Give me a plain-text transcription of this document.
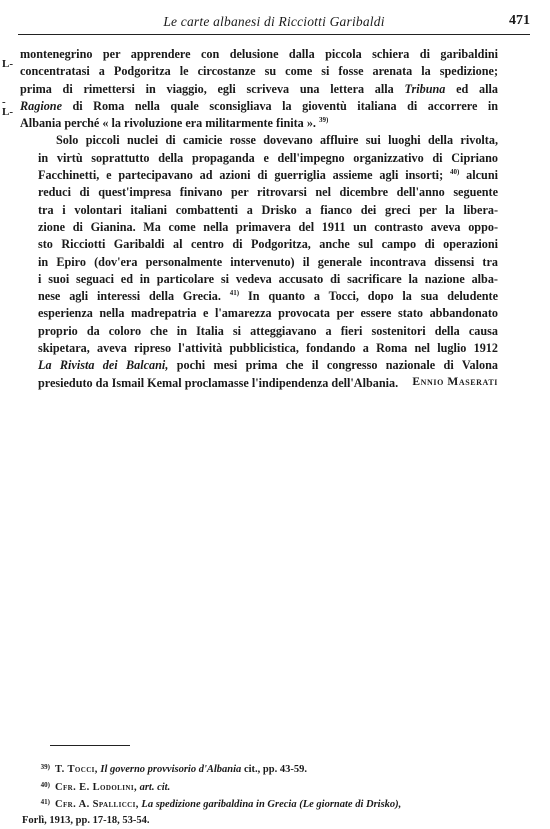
Le carte albanesi di Ricciotti Garibaldi	471
L-
-
L-

montenegrino per apprendere con delusione dalla piccola schiera di garibaldini
concentratasi a Podgoritza le circostanze su come si fosse arenata la spedizione;
prima di rimettersi in viaggio, egli scriveva una lettera alla Tribuna ed alla
Ragione di Roma nella quale sconsigliava la gioventù italiana di accorrere in
Albania perché « la rivoluzione era militarmente finita ». $^{39)}$

Solo piccoli nuclei di camicie rosse dovevano affluire sui luoghi della rivolta,
in virtù soprattutto della propaganda e dell'impegno organizzativo di Cipriano
Facchinetti, e partecipavano ad azioni di guerriglia assieme agli insorti; $^{40)}$ alcuni
reduci di quest'impresa finivano per ritrovarsi nel dicembre dell'anno seguente
tra i volontari italiani combattenti a Drisko a fianco dei greci per la libera-
zione di Gianina. Ma come nella primavera del 1911 un contrasto aveva oppo-
sto Ricciotti Garibaldi al centro di Podgoritza, anche sul campo di operazioni
in Epiro (dov'era personalmente intervenuto) il generale incontrava dissensi tra
i suoi seguaci ed in particolare si vedeva accusato di sacrificare la nazione alba-
nese agli interessi della Grecia. $^{41)}$ In quanto a Tocci, dopo la sua deludente
esperienza nella madrepatria e l'amarezza provocata per essere stato abbandonato
proprio da coloro che in Italia si atteggiavano a fieri sostenitori della causa
skipetara, aveva ripreso l'attività pubblicistica, fondando a Roma nel luglio 1912
La Rivista dei Balcani, pochi mesi prima che il congresso nazionale di Valona
presieduto da Ismail Kemal proclamasse l'indipendenza dell'Albania.	Ennio Maserati
39) T. Tocci, Il governo provvisorio d'Albania cit., pp. 43-59.
40) Cfr. E. Lodolini, art. cit.
41) Cfr. A. Spallicci, La spedizione garibaldina in Grecia (Le giornate di Drisko),
Forlì, 1913, pp. 17-18, 53-54.
